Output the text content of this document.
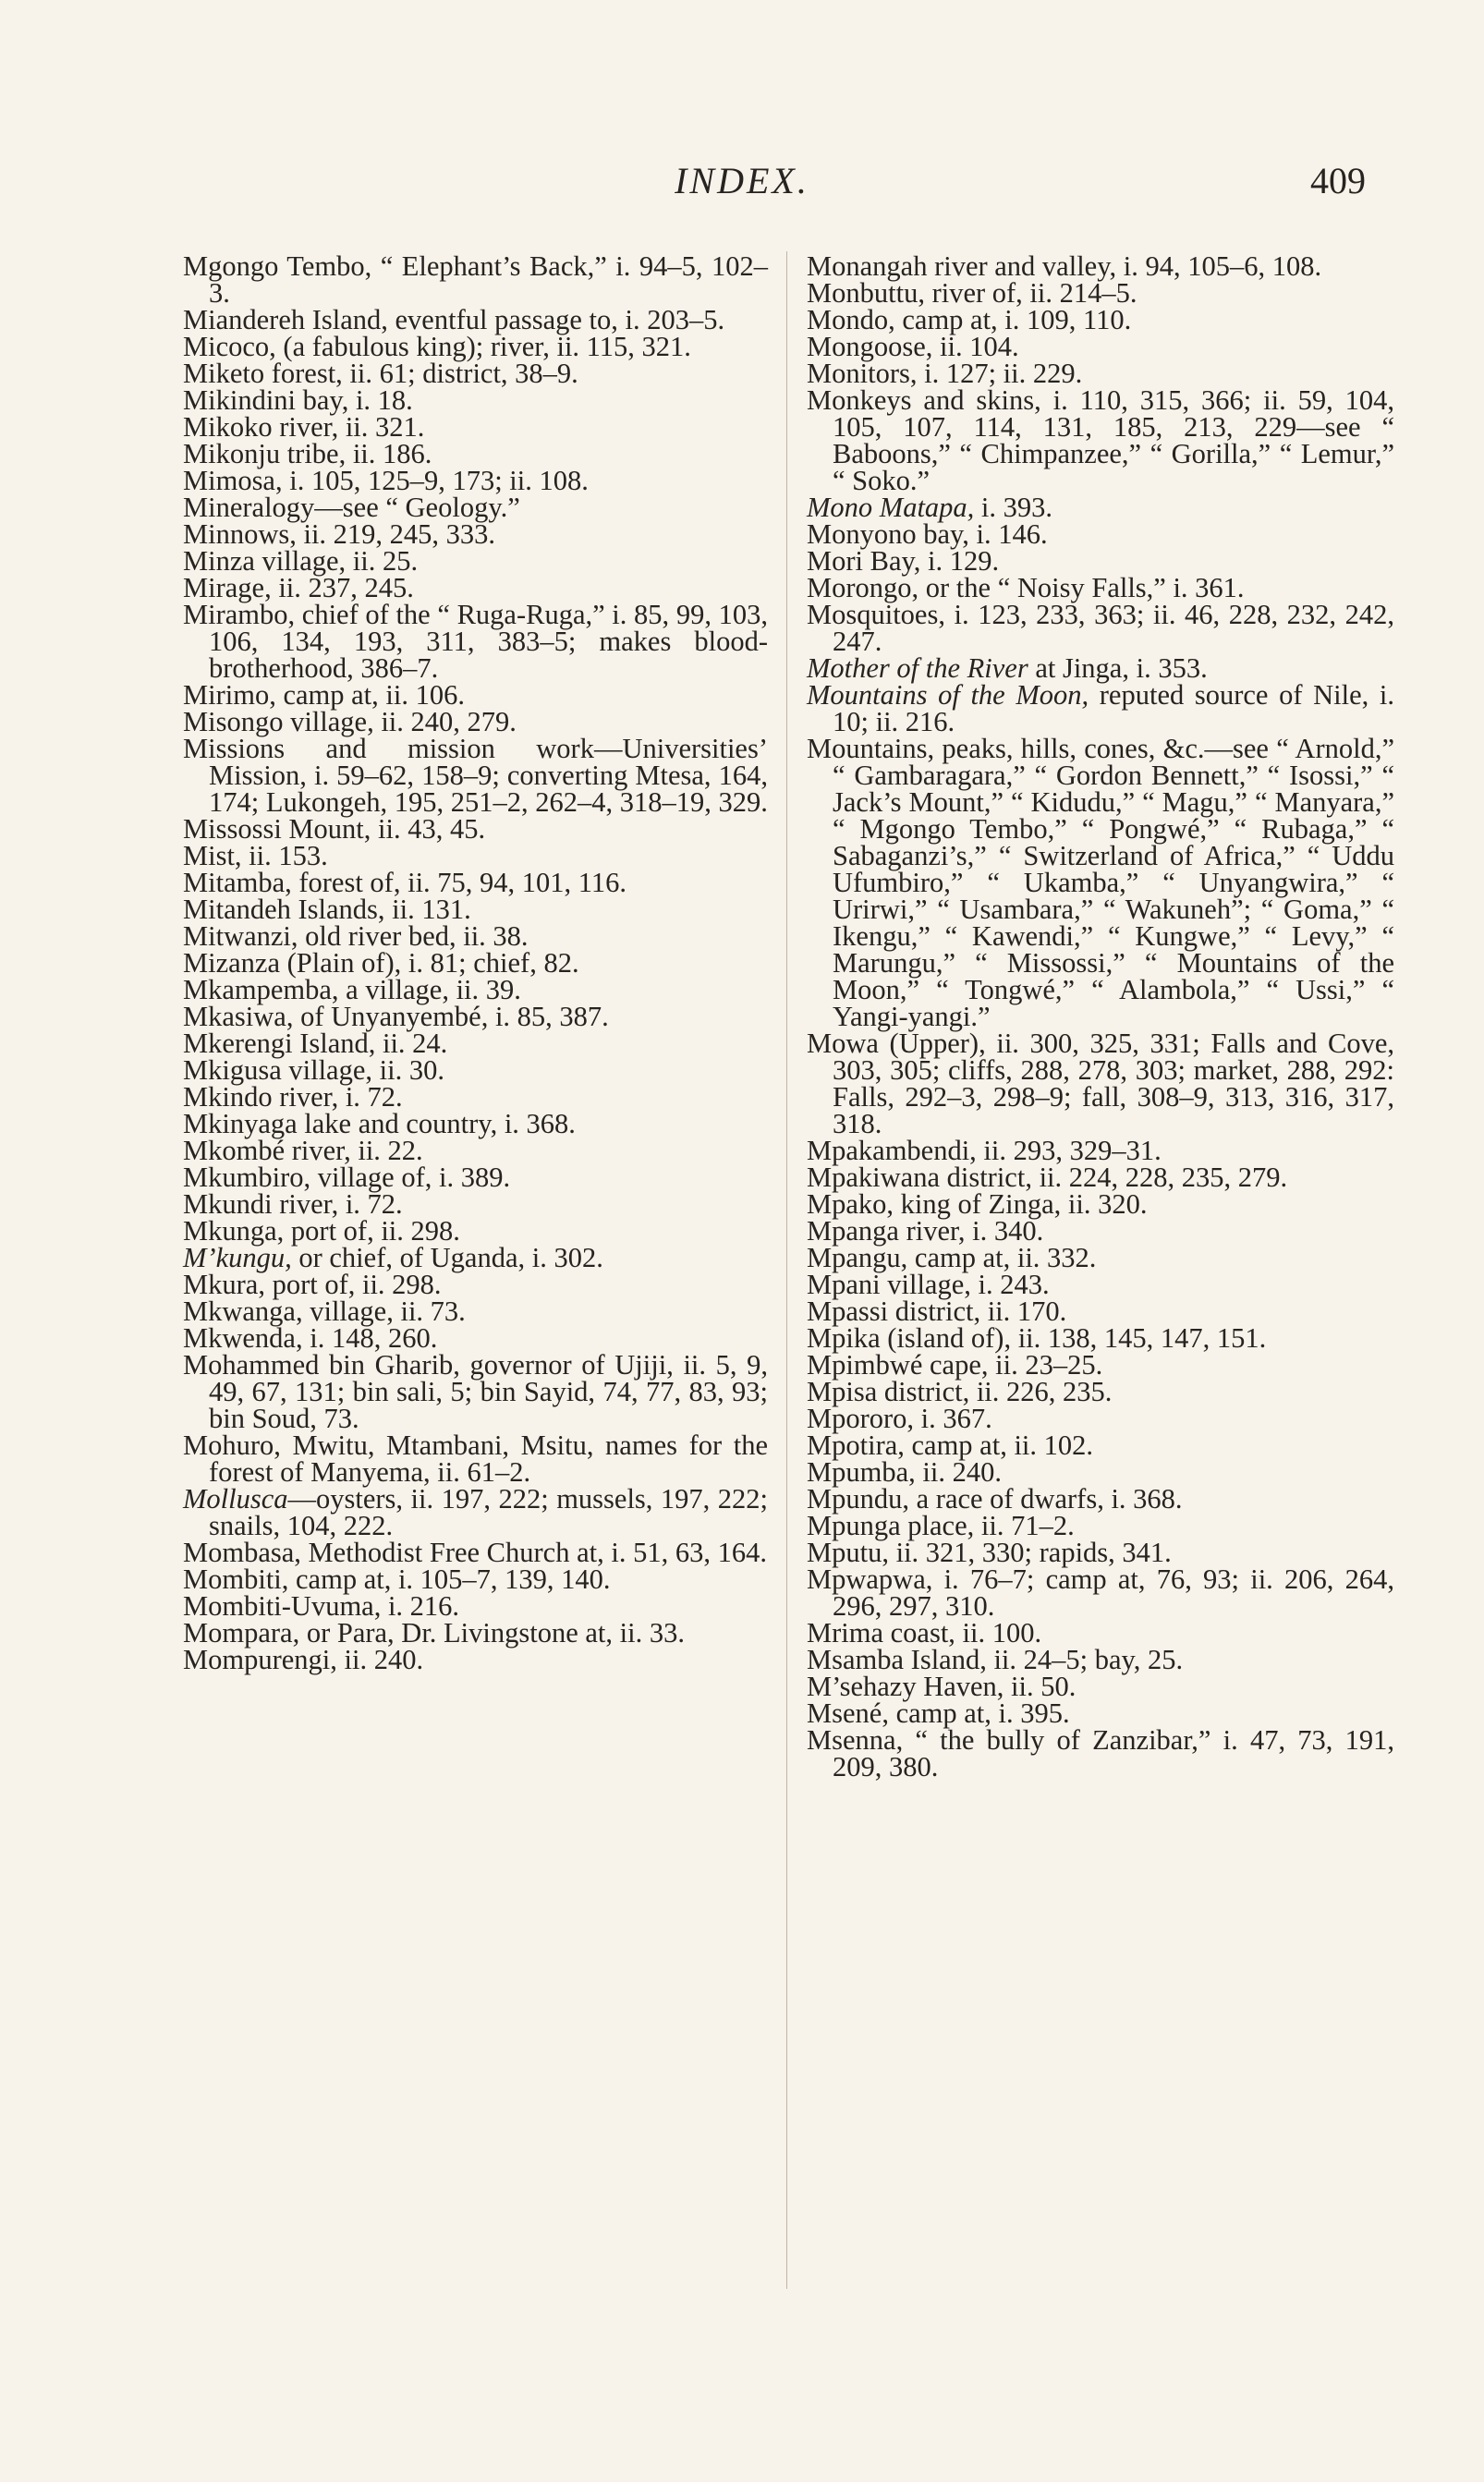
INDEX.	409

Mgongo Tembo, “ Elephant’s Back,” i. 94–5, 102–3.

Miandereh Island, eventful passage to, i. 203–5.

Micoco, (a fabulous king); river, ii. 115, 321.

Miketo forest, ii. 61; district, 38–9.

Mikindini bay, i. 18.

Mikoko river, ii. 321.

Mikonju tribe, ii. 186.

Mimosa, i. 105, 125–9, 173; ii. 108.

Mineralogy—see “ Geology.”

Minnows, ii. 219, 245, 333.

Minza village, ii. 25.

Mirage, ii. 237, 245.

Mirambo, chief of the “ Ruga-Ruga,” i. 85, 99, 103, 106, 134, 193, 311, 383–5; makes blood-brotherhood, 386–7.

Mirimo, camp at, ii. 106.

Misongo village, ii. 240, 279.

Missions and mission work—Universities’ Mission, i. 59–62, 158–9; converting Mtesa, 164, 174; Lukongeh, 195, 251–2, 262–4, 318–19, 329.

Missossi Mount, ii. 43, 45.

Mist, ii. 153.

Mitamba, forest of, ii. 75, 94, 101, 116.

Mitandeh Islands, ii. 131.

Mitwanzi, old river bed, ii. 38.

Mizanza (Plain of), i. 81; chief, 82.

Mkampemba, a village, ii. 39.

Mkasiwa, of Unyanyembé, i. 85, 387.

Mkerengi Island, ii. 24.

Mkigusa village, ii. 30.

Mkindo river, i. 72.

Mkinyaga lake and country, i. 368.

Mkombé river, ii. 22.

Mkumbiro, village of, i. 389.

Mkundi river, i. 72.

Mkunga, port of, ii. 298.

M’kungu, or chief, of Uganda, i. 302.

Mkura, port of, ii. 298.

Mkwanga, village, ii. 73.

Mkwenda, i. 148, 260.

Mohammed bin Gharib, governor of Ujiji, ii. 5, 9, 49, 67, 131; bin sali, 5; bin Sayid, 74, 77, 83, 93; bin Soud, 73.

Mohuro, Mwitu, Mtambani, Msitu, names for the forest of Manyema, ii. 61–2.

Mollusca—oysters, ii. 197, 222; mussels, 197, 222; snails, 104, 222.

Mombasa, Methodist Free Church at, i. 51, 63, 164.

Mombiti, camp at, i. 105–7, 139, 140.

Mombiti-Uvuma, i. 216.

Mompara, or Para, Dr. Livingstone at, ii. 33.

Mompurengi, ii. 240.

Monangah river and valley, i. 94, 105–6, 108.

Monbuttu, river of, ii. 214–5.

Mondo, camp at, i. 109, 110.

Mongoose, ii. 104.

Monitors, i. 127; ii. 229.

Monkeys and skins, i. 110, 315, 366; ii. 59, 104, 105, 107, 114, 131, 185, 213, 229—see “ Baboons,” “ Chimpanzee,” “ Gorilla,” “ Lemur,” “ Soko.”

Mono Matapa, i. 393.

Monyono bay, i. 146.

Mori Bay, i. 129.

Morongo, or the “ Noisy Falls,” i. 361.

Mosquitoes, i. 123, 233, 363; ii. 46, 228, 232, 242, 247.

Mother of the River at Jinga, i. 353.

Mountains of the Moon, reputed source of Nile, i. 10; ii. 216.

Mountains, peaks, hills, cones, &c.—see “ Arnold,” “ Gambaragara,” “ Gordon Bennett,” “ Isossi,” “ Jack’s Mount,” “ Kidudu,” “ Magu,” “ Manyara,” “ Mgongo Tembo,” “ Pongwé,” “ Rubaga,” “ Sabaganzi’s,” “ Switzerland of Africa,” “ Uddu Ufumbiro,” “ Ukamba,” “ Unyangwira,” “ Urirwi,” “ Usambara,” “ Wakuneh”; “ Goma,” “ Ikengu,” “ Kawendi,” “ Kungwe,” “ Levy,” “ Marungu,” “ Missossi,” “ Mountains of the Moon,” “ Tongwé,” “ Alambola,” “ Ussi,” “ Yangi-yangi.”

Mowa (Upper), ii. 300, 325, 331; Falls and Cove, 303, 305; cliffs, 288, 278, 303; market, 288, 292: Falls, 292–3, 298–9; fall, 308–9, 313, 316, 317, 318.

Mpakambendi, ii. 293, 329–31.

Mpakiwana district, ii. 224, 228, 235, 279.

Mpako, king of Zinga, ii. 320.

Mpanga river, i. 340.

Mpangu, camp at, ii. 332.

Mpani village, i. 243.

Mpassi district, ii. 170.

Mpika (island of), ii. 138, 145, 147, 151.

Mpimbwé cape, ii. 23–25.

Mpisa district, ii. 226, 235.

Mpororo, i. 367.

Mpotira, camp at, ii. 102.

Mpumba, ii. 240.

Mpundu, a race of dwarfs, i. 368.

Mpunga place, ii. 71–2.

Mputu, ii. 321, 330; rapids, 341.

Mpwapwa, i. 76–7; camp at, 76, 93; ii. 206, 264, 296, 297, 310.

Mrima coast, ii. 100.

Msamba Island, ii. 24–5; bay, 25.

M’sehazy Haven, ii. 50.

Msené, camp at, i. 395.

Msenna, “ the bully of Zanzibar,” i. 47, 73, 191, 209, 380.
